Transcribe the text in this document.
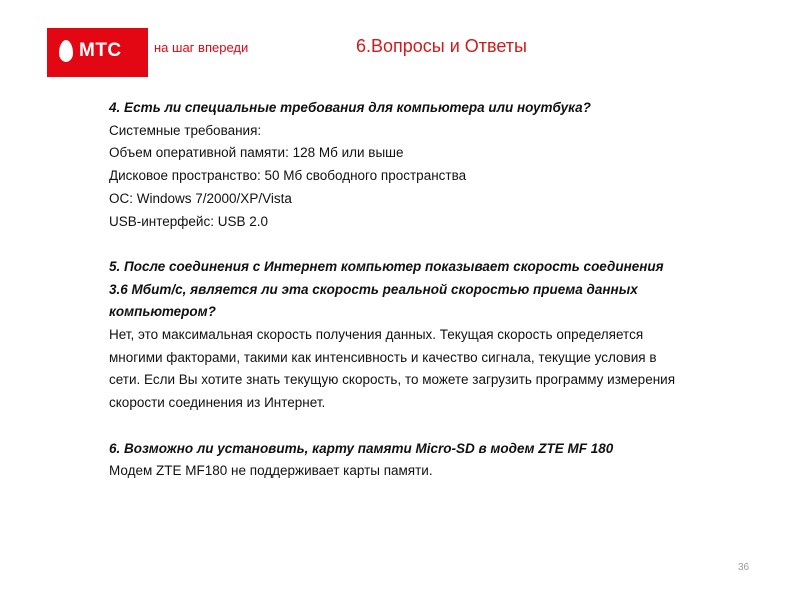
МТС на шаг впереди	6.Вопросы и Ответы

4. Есть ли специальные требования для компьютера или ноутбука?

Системные требования:

Объем оперативной памяти: 128 Мб или выше

Дисковое пространство: 50 Мб свободного пространства

OC: Windows 7/2000/XP/Vista

USB-интерфейс: USB 2.0

5. После соединения с Интернет компьютер показывает скорость соединения

3.6 Мбит/с, является ли эта скорость реальной скоростью приема данных

компьютером?

Нет, это максимальная скорость получения данных. Текущая скорость определяется

многими факторами, такими как интенсивность и качество сигнала, текущие условия в

сети. Если Вы хотите знать текущую скорость, то можете загрузить программу измерения

скорости соединения из Интернет.

6. Возможно ли установить, карту памяти Micro-SD в модем ZTE MF 180

Модем ZTE MF180 не поддерживает карты памяти.

36
